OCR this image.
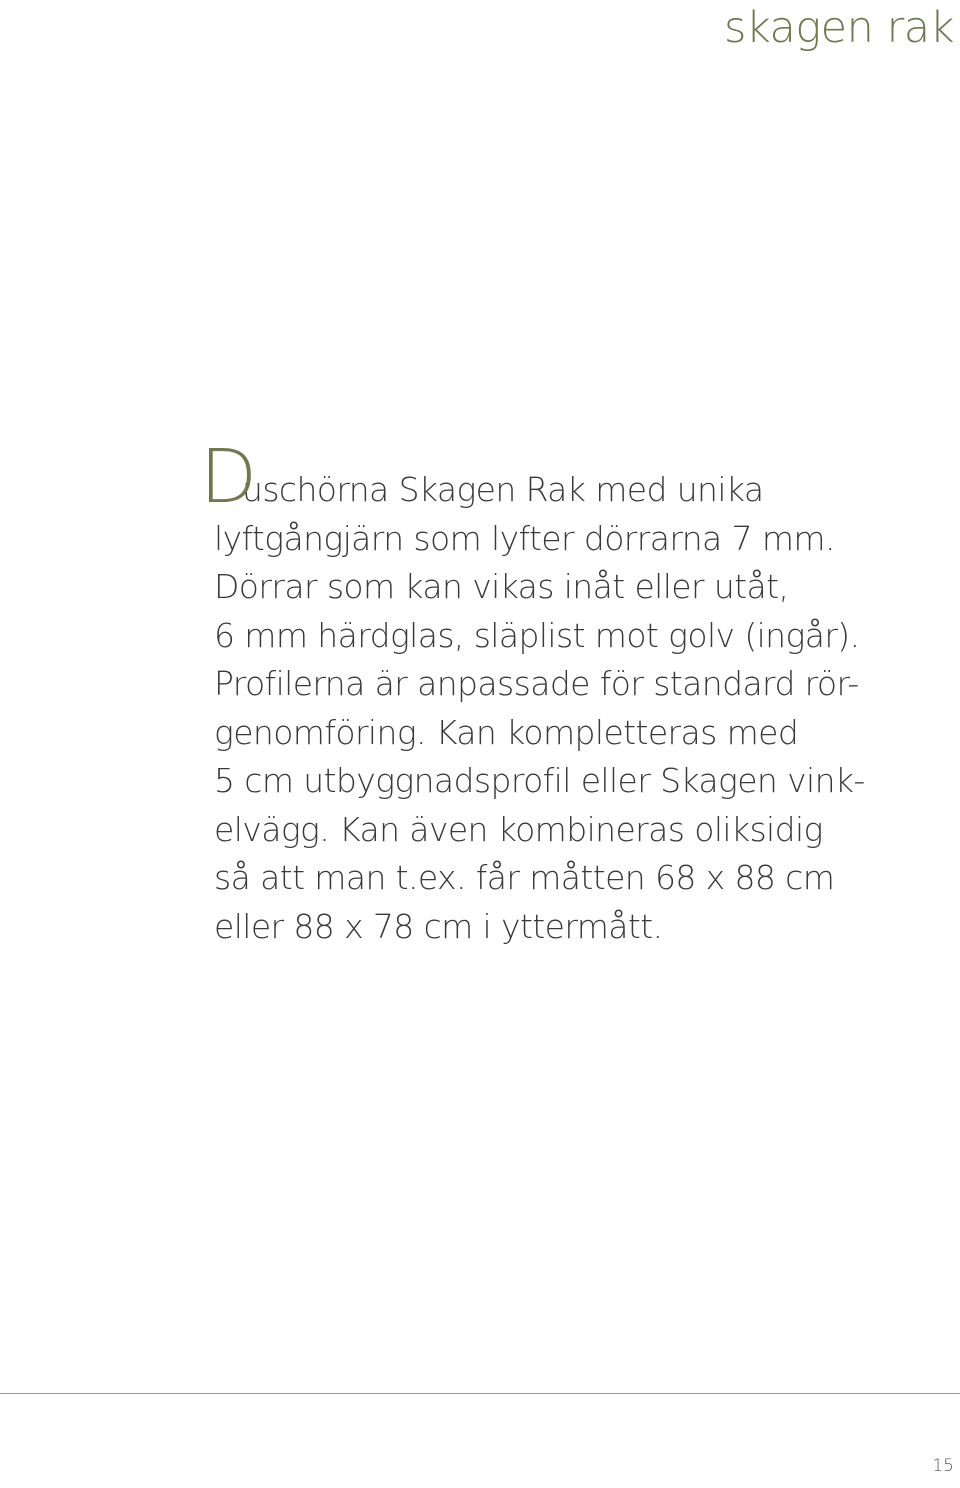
skagen rak
D
uschörna Skagen Rak med unika
lyftgångjärn som lyfter dörrarna 7 mm.
Dörrar som kan vikas inåt eller utåt,
6 mm härdglas, släplist mot golv (ingår).
Profilerna är anpassade för standard rör-
genomföring. Kan kompletteras med
5 cm utbyggnadsprofil eller Skagen vink-
elvägg. Kan även kombineras oliksidig
så att man t.ex. får måtten 68 x 88 cm
eller 88 x 78 cm i yttermått.
15
